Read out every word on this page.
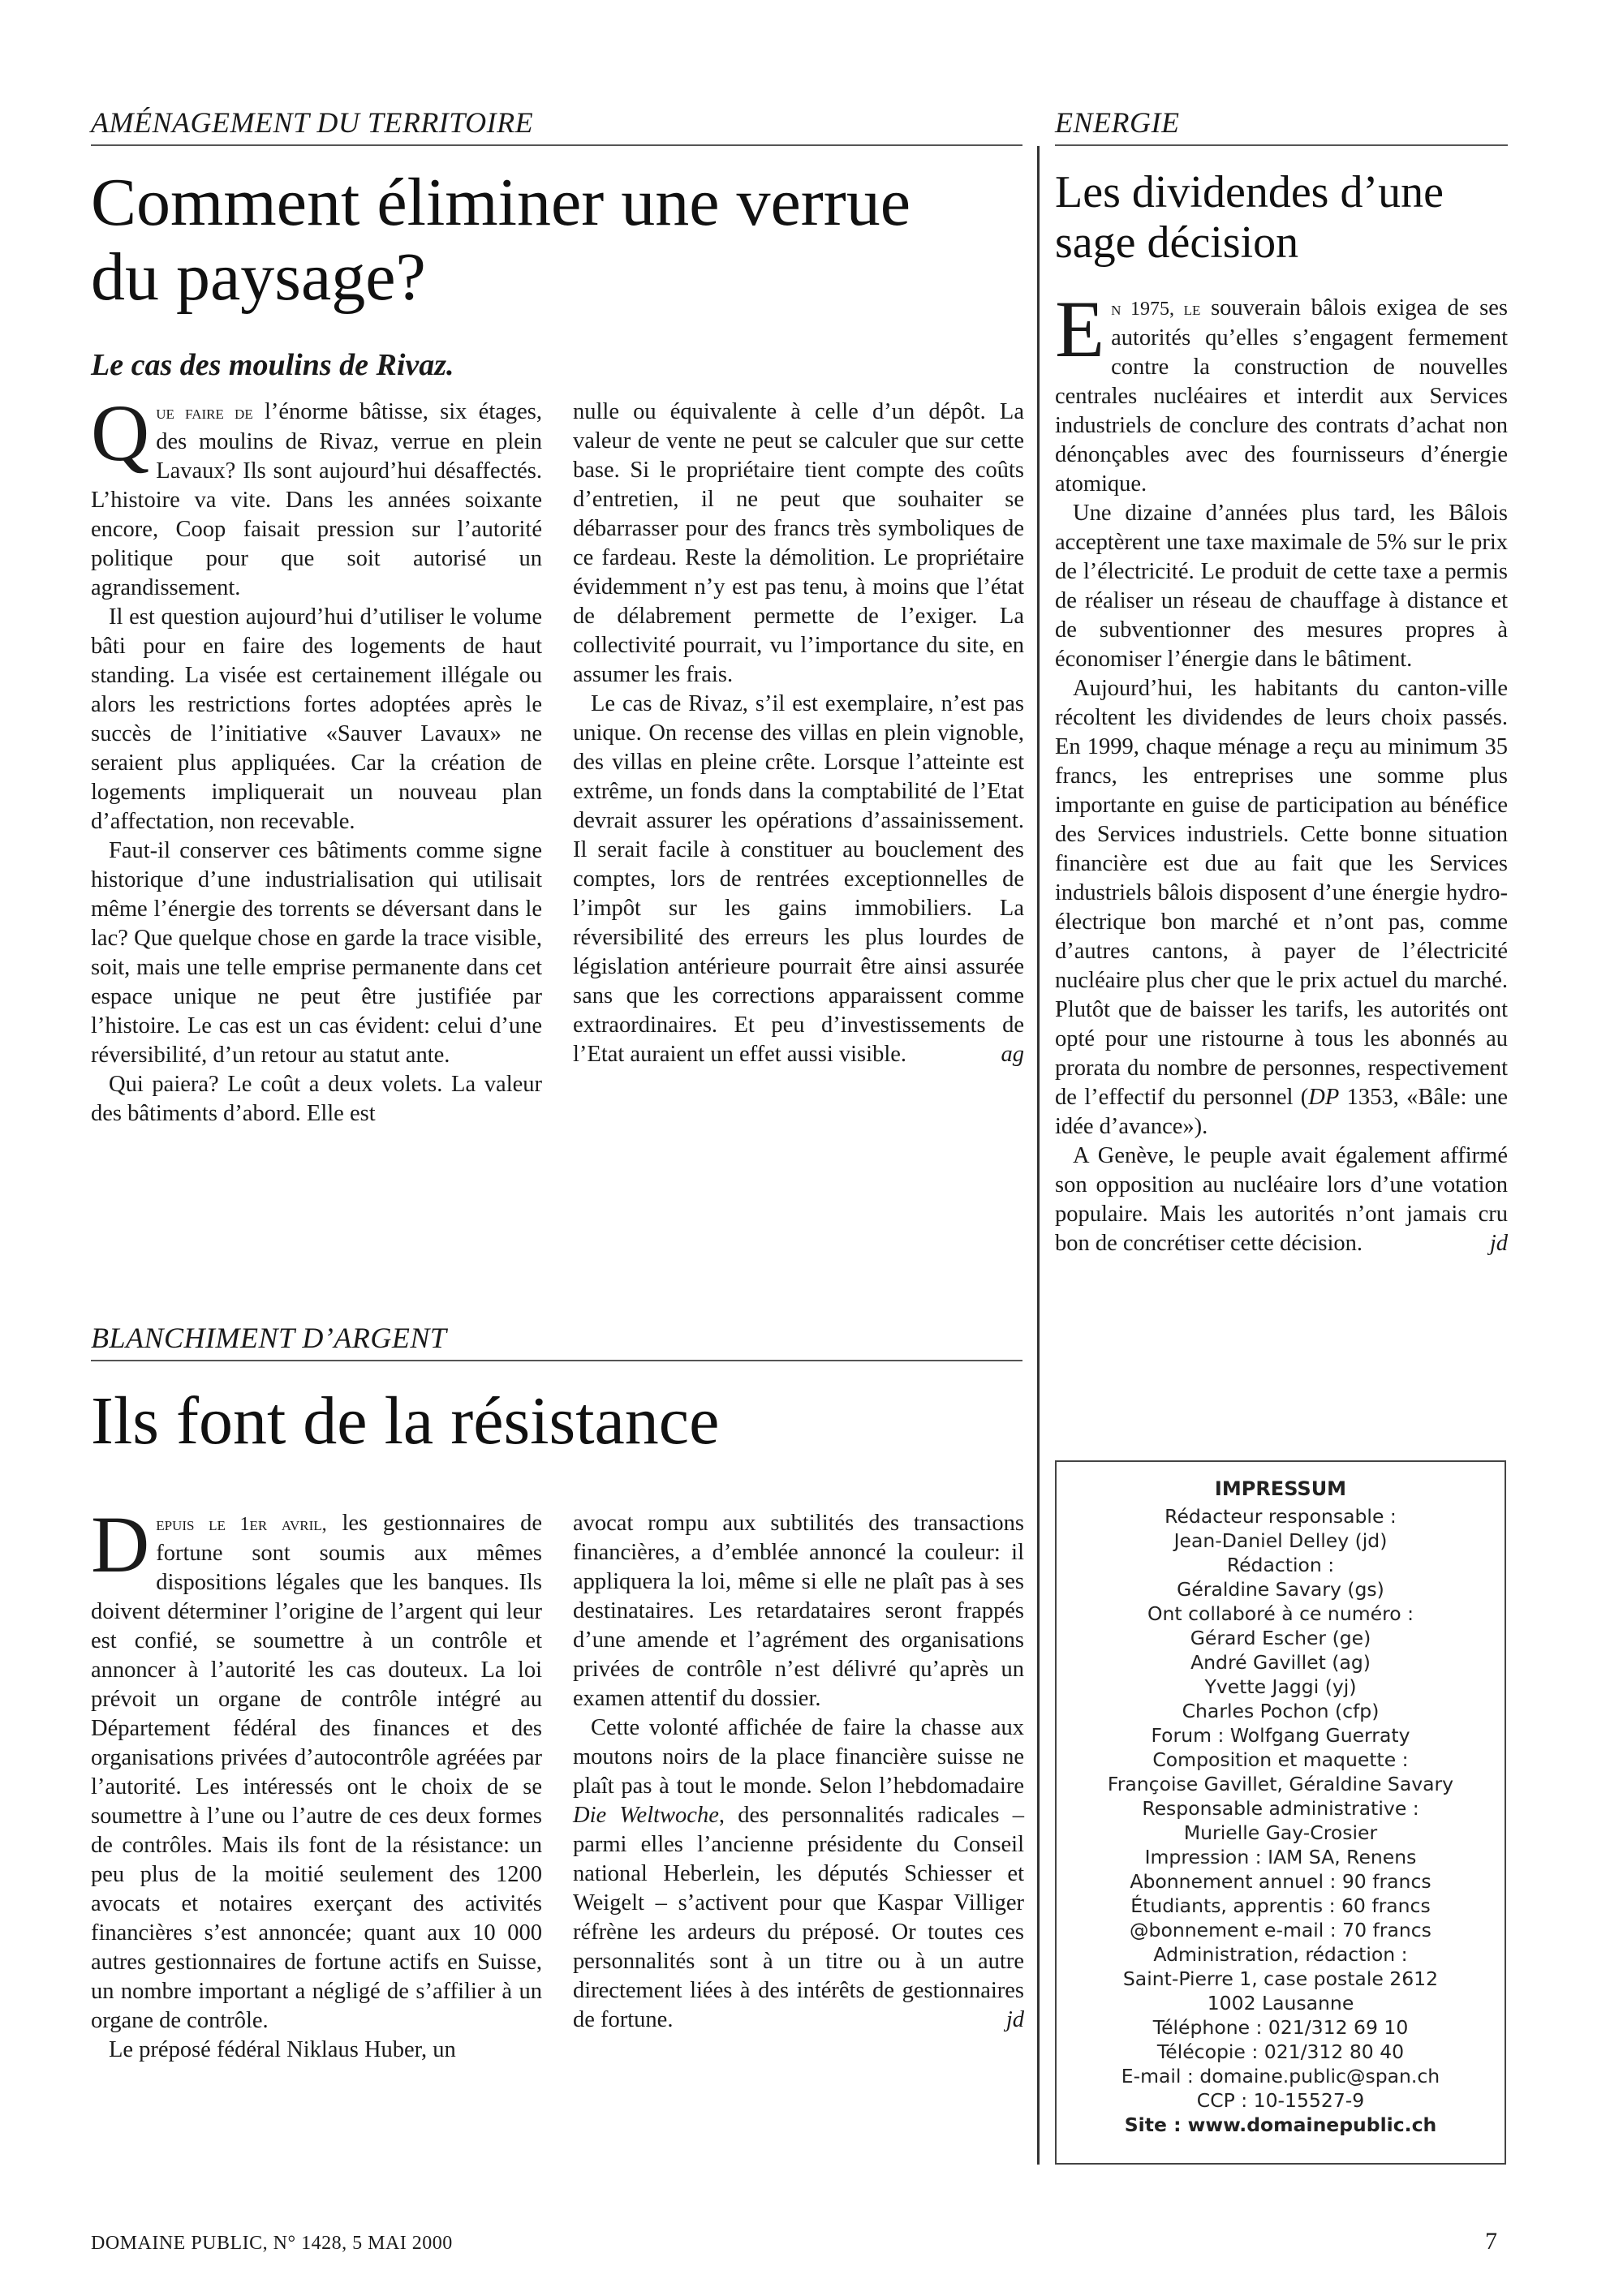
AMÉNAGEMENT DU TERRITOIRE
Comment éliminer une verrue
du paysage?
Le cas des moulins de Rivaz.

Que faire de l’énorme bâtisse, six étages, des moulins de Rivaz, verrue en plein Lavaux? Ils sont aujourd’hui désaffectés. L’histoire va vite. Dans les années soixante encore, Coop faisait pression sur l’autorité politique pour que soit autorisé un agrandissement.

Il est question aujourd’hui d’utiliser le volume bâti pour en faire des logements de haut standing. La visée est certainement illégale ou alors les restrictions fortes adoptées après le succès de l’initiative «Sauver Lavaux» ne seraient plus appliquées. Car la création de logements impliquerait un nouveau plan d’affectation, non recevable.

Faut-il conserver ces bâtiments comme signe historique d’une industrialisation qui utilisait même l’énergie des torrents se déversant dans le lac? Que quelque chose en garde la trace visible, soit, mais une telle emprise permanente dans cet espace unique ne peut être justifiée par l’histoire. Le cas est un cas évident: celui d’une réversibilité, d’un retour au statut ante.

Qui paiera? Le coût a deux volets. La valeur des bâtiments d’abord. Elle est

nulle ou équivalente à celle d’un dépôt. La valeur de vente ne peut se calculer que sur cette base. Si le propriétaire tient compte des coûts d’entretien, il ne peut que souhaiter se débarrasser pour des francs très symboliques de ce fardeau. Reste la démolition. Le propriétaire évidemment n’y est pas tenu, à moins que l’état de délabrement permette de l’exiger. La collectivité pourrait, vu l’importance du site, en assumer les frais.

Le cas de Rivaz, s’il est exemplaire, n’est pas unique. On recense des villas en plein vignoble, des villas en pleine crête. Lorsque l’atteinte est extrême, un fonds dans la comptabilité de l’Etat devrait assurer les opérations d’assainissement. Il serait facile à constituer au bouclement des comptes, lors de rentrées exceptionnelles de l’impôt sur les gains immobiliers. La réversibilité des erreurs les plus lourdes de législation antérieure pourrait être ainsi assurée sans que les corrections apparaissent comme extraordinaires. Et peu d’investissements de l’Etat auraient un effet aussi visible.	ag

BLANCHIMENT D’ARGENT
Ils font de la résistance

Depuis le 1er avril, les gestionnaires de fortune sont soumis aux mêmes dispositions légales que les banques. Ils doivent déterminer l’origine de l’argent qui leur est confié, se soumettre à un contrôle et annoncer à l’autorité les cas douteux. La loi prévoit un organe de contrôle intégré au Département fédéral des finances et des organisations privées d’autocontrôle agréées par l’autorité. Les intéressés ont le choix de se soumettre à l’une ou l’autre de ces deux formes de contrôles. Mais ils font de la résistance: un peu plus de la moitié seulement des 1200 avocats et notaires exerçant des activités financières s’est annoncée; quant aux 10 000 autres gestionnaires de fortune actifs en Suisse, un nombre important a négligé de s’affilier à un organe de contrôle.

Le préposé fédéral Niklaus Huber, un

avocat rompu aux subtilités des transactions financières, a d’emblée annoncé la couleur: il appliquera la loi, même si elle ne plaît pas à ses destinataires. Les retardataires seront frappés d’une amende et l’agrément des organisations privées de contrôle n’est délivré qu’après un examen attentif du dossier.

Cette volonté affichée de faire la chasse aux moutons noirs de la place financière suisse ne plaît pas à tout le monde. Selon l’hebdomadaire Die Weltwoche, des personnalités radicales – parmi elles l’ancienne présidente du Conseil national Heberlein, les députés Schiesser et Weigelt – s’activent pour que Kaspar Villiger réfrène les ardeurs du préposé. Or toutes ces personnalités sont à un titre ou à un autre directement liées à des intérêts de gestionnaires de fortune.	jd

ENERGIE
Les dividendes d’une
sage décision

En 1975, le souverain bâlois exigea de ses autorités qu’elles s’engagent fermement contre la construction de nouvelles centrales nucléaires et interdit aux Services industriels de conclure des contrats d’achat non dénonçables avec des fournisseurs d’énergie atomique.

Une dizaine d’années plus tard, les Bâlois acceptèrent une taxe maximale de 5% sur le prix de l’électricité. Le produit de cette taxe a permis de réaliser un réseau de chauffage à distance et de subventionner des mesures propres à économiser l’énergie dans le bâtiment.

Aujourd’hui, les habitants du canton-ville récoltent les dividendes de leurs choix passés. En 1999, chaque ménage a reçu au minimum 35 francs, les entreprises une somme plus importante en guise de participation au bénéfice des Services industriels. Cette bonne situation financière est due au fait que les Services industriels bâlois disposent d’une énergie hydro-électrique bon marché et n’ont pas, comme d’autres cantons, à payer de l’électricité nucléaire plus cher que le prix actuel du marché. Plutôt que de baisser les tarifs, les autorités ont opté pour une ristourne à tous les abonnés au prorata du nombre de personnes, respectivement de l’effectif du personnel (DP 1353, «Bâle: une idée d’avance»).

A Genève, le peuple avait également affirmé son opposition au nucléaire lors d’une votation populaire. Mais les autorités n’ont jamais cru bon de concrétiser cette décision.	jd

IMPRESSUM
Rédacteur responsable :
Jean-Daniel Delley (jd)
Rédaction :
Géraldine Savary (gs)
Ont collaboré à ce numéro :
Gérard Escher (ge)
André Gavillet (ag)
Yvette Jaggi (yj)
Charles Pochon (cfp)
Forum : Wolfgang Guerraty
Composition et maquette :
Françoise Gavillet, Géraldine Savary
Responsable administrative :
Murielle Gay-Crosier
Impression : IAM SA, Renens
Abonnement annuel : 90 francs
Étudiants, apprentis : 60 francs
@bonnement e-mail : 70 francs
Administration, rédaction :
Saint-Pierre 1, case postale 2612
1002 Lausanne
Téléphone : 021/312 69 10
Télécopie : 021/312 80 40
E-mail : domaine.public@span.ch
CCP : 10-15527-9
Site : www.domainepublic.ch
DOMAINE PUBLIC, N° 1428, 5 MAI 2000	7
